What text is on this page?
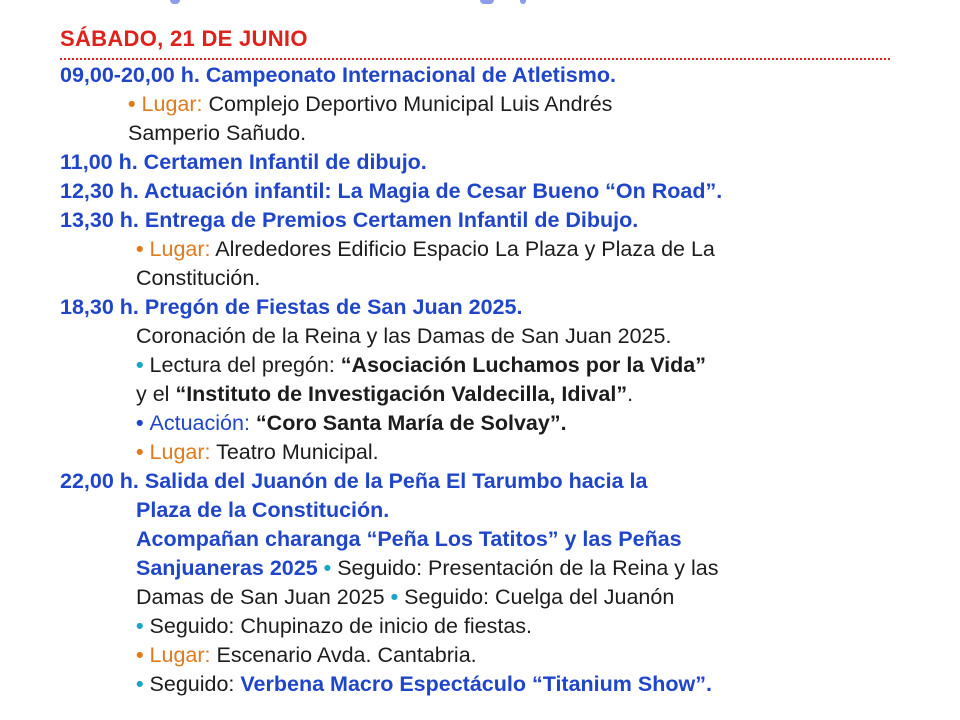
SÁBADO, 21 DE JUNIO
09,00-20,00 h. Campeonato Internacional de Atletismo.
• Lugar: Complejo Deportivo Municipal Luis Andrés
Samperio Sañudo.
11,00 h. Certamen Infantil de dibujo.
12,30 h. Actuación infantil: La Magia de Cesar Bueno “On Road”.
13,30 h. Entrega de Premios Certamen Infantil de Dibujo.
• Lugar: Alrededores Edificio Espacio La Plaza y Plaza de La
Constitución.
18,30 h. Pregón de Fiestas de San Juan 2025.
Coronación de la Reina y las Damas de San Juan 2025.
• Lectura del pregón: “Asociación Luchamos por la Vida”
y el “Instituto de Investigación Valdecilla, Idival”.
• Actuación: “Coro Santa María de Solvay”.
• Lugar: Teatro Municipal.
22,00 h. Salida del Juanón de la Peña El Tarumbo hacia la
Plaza de la Constitución.
Acompañan charanga “Peña Los Tatitos” y las Peñas
Sanjuaneras 2025 • Seguido: Presentación de la Reina y las
Damas de San Juan 2025 • Seguido: Cuelga del Juanón
• Seguido: Chupinazo de inicio de fiestas.
• Lugar: Escenario Avda. Cantabria.
• Seguido: Verbena Macro Espectáculo “Titanium Show”.
